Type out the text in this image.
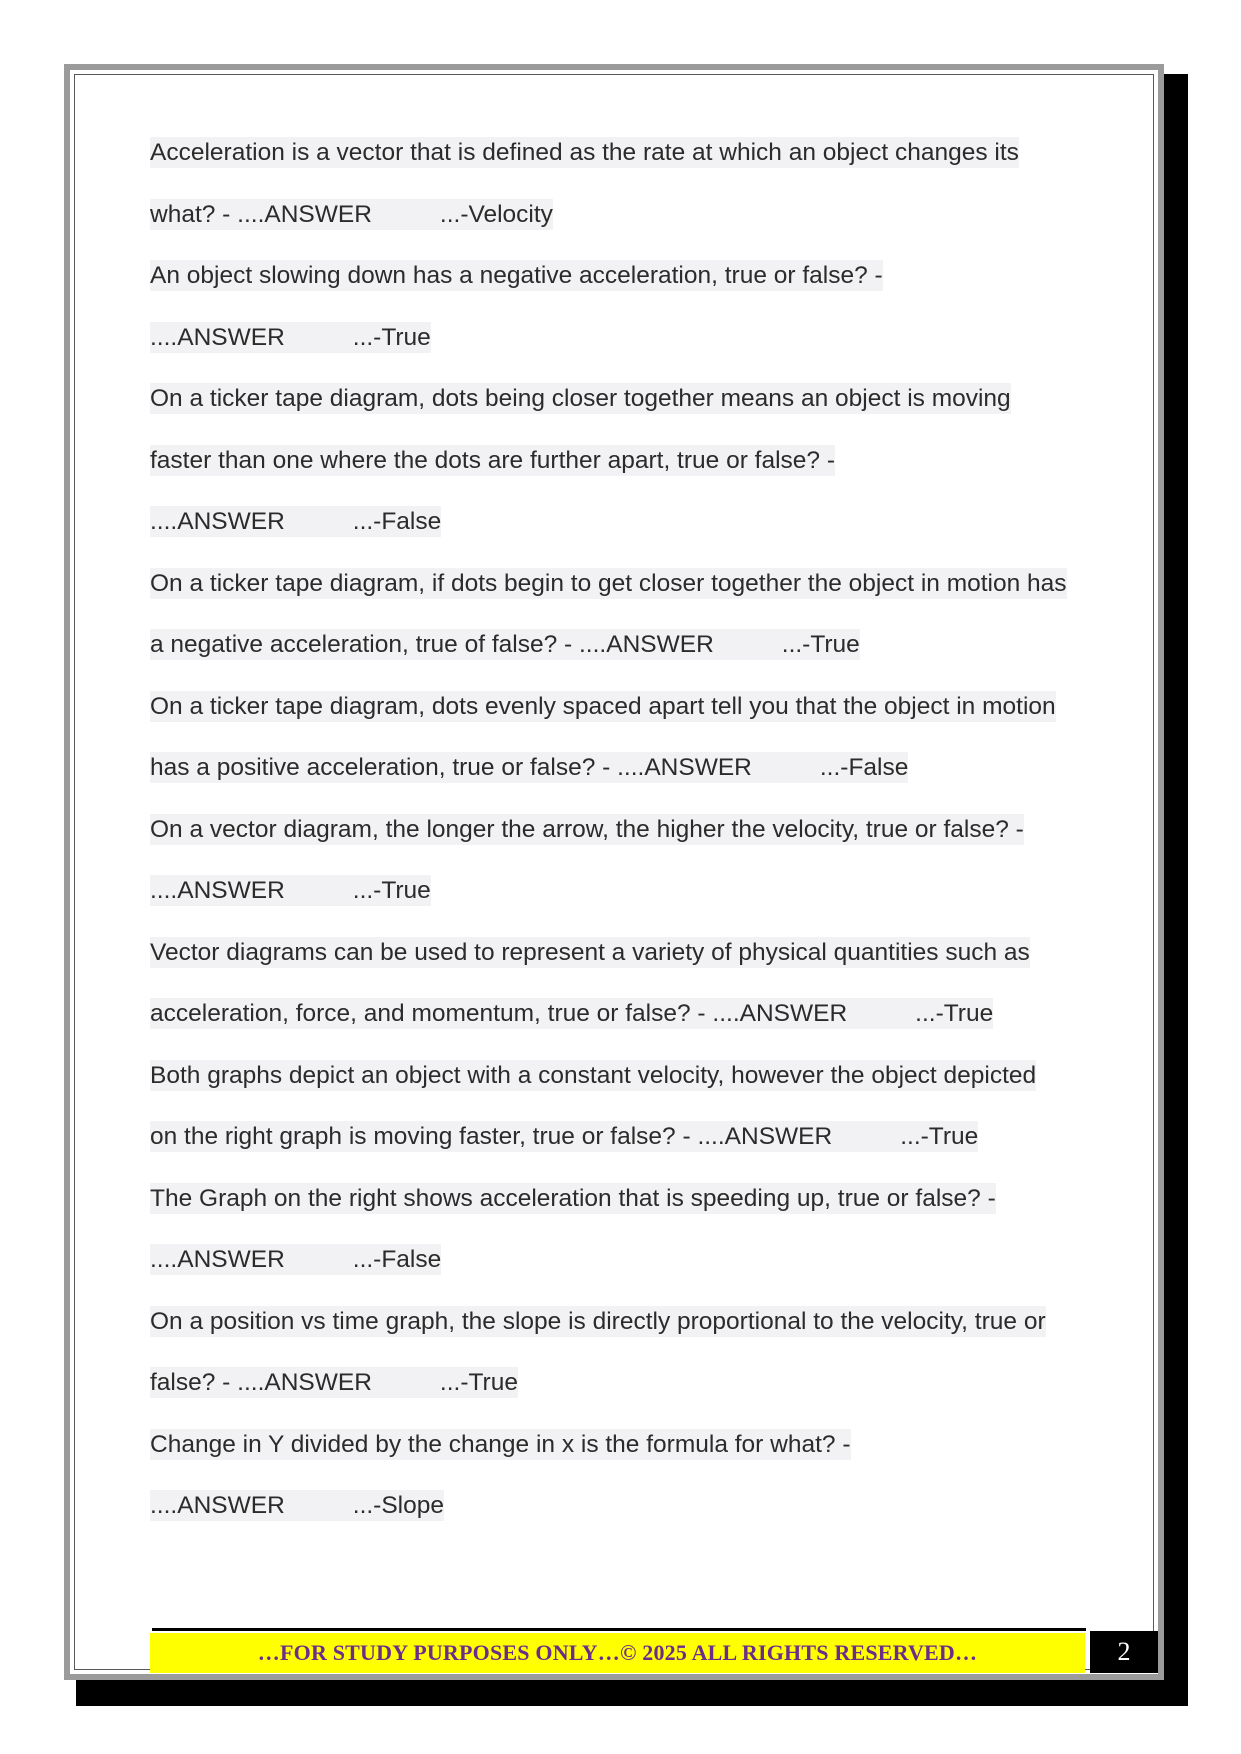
Acceleration is a vector that is defined as the rate at which an object changes its
what? - ....ANSWER	...-Velocity
An object slowing down has a negative acceleration, true or false? -
....ANSWER	...-True
On a ticker tape diagram, dots being closer together means an object is moving
faster than one where the dots are further apart, true or false? -
....ANSWER	...-False
On a ticker tape diagram, if dots begin to get closer together the object in motion has
a negative acceleration, true of false? - ....ANSWER	...-True
On a ticker tape diagram, dots evenly spaced apart tell you that the object in motion
has a positive acceleration, true or false? - ....ANSWER	...-False
On a vector diagram, the longer the arrow, the higher the velocity, true or false? -
....ANSWER	...-True
Vector diagrams can be used to represent a variety of physical quantities such as
acceleration, force, and momentum, true or false? - ....ANSWER	...-True
Both graphs depict an object with a constant velocity, however the object depicted
on the right graph is moving faster, true or false? - ....ANSWER	...-True
The Graph on the right shows acceleration that is speeding up, true or false? -
....ANSWER	...-False
On a position vs time graph, the slope is directly proportional to the velocity, true or
false? - ....ANSWER	...-True
Change in Y divided by the change in x is the formula for what? -
....ANSWER	...-Slope
…FOR STUDY PURPOSES ONLY…© 2025 ALL RIGHTS RESERVED…	2
